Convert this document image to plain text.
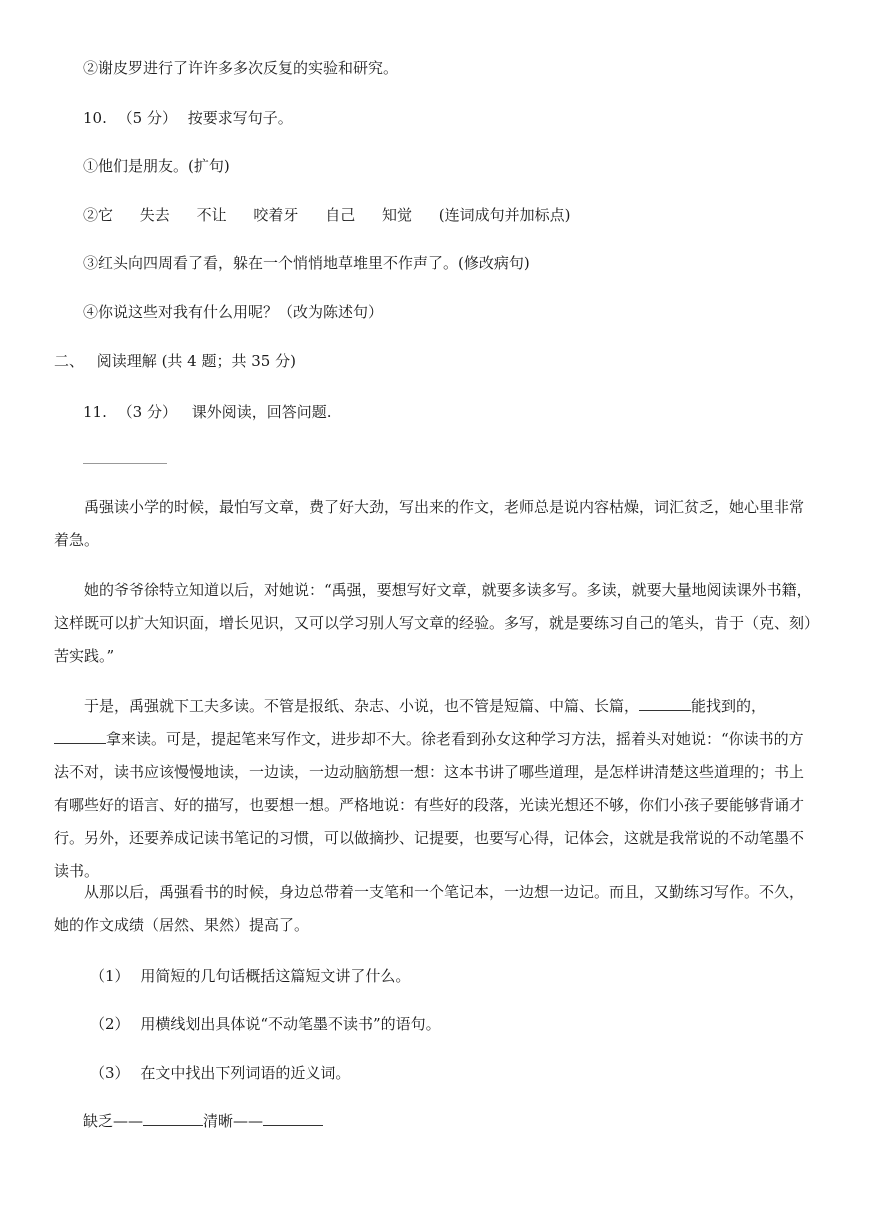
②谢皮罗进行了许许多多次反复的实验和研究。
10. （5 分） 按要求写句子。
①他们是朋友。(扩句)
②它 失去 不让 咬着牙 自己 知觉 (连词成句并加标点)
③红头向四周看了看，躲在一个悄悄地草堆里不作声了。(修改病句)
④你说这些对我有什么用呢？（改为陈述句）
二、 阅读理解 (共 4 题；共 35 分)
11. （3 分） 课外阅读，回答问题.
禹强读小学的时候，最怕写文章，费了好大劲，写出来的作文，老师总是说内容枯燥，词汇贫乏，她心里非常着急。
她的爷爷徐特立知道以后，对她说：“禹强，要想写好文章，就要多读多写。多读，就要大量地阅读课外书籍，这样既可以扩大知识面，增长见识，又可以学习别人写文章的经验。多写，就是要练习自己的笔头，肯于（克、刻）苦实践。”
于是，禹强就下工夫多读。不管是报纸、杂志、小说，也不管是短篇、中篇、长篇，	能找到的，拿来读。可是，提起笔来写作文，进步却不大。徐老看到孙女这种学习方法，摇着头对她说：“你读书的方法不对，读书应该慢慢地读，一边读，一边动脑筋想一想：这本书讲了哪些道理，是怎样讲清楚这些道理的；书上有哪些好的语言、好的描写，也要想一想。严格地说：有些好的段落，光读光想还不够，你们小孩子要能够背诵才行。另外，还要养成记读书笔记的习惯，可以做摘抄、记提要，也要写心得，记体会，这就是我常说的不动笔墨不读书。
从那以后，禹强看书的时候，身边总带着一支笔和一个笔记本，一边想一边记。而且，又勤练习写作。不久，她的作文成绩（居然、果然）提高了。
（1） 用简短的几句话概括这篇短文讲了什么。
（2） 用横线划出具体说“不动笔墨不读书”的语句。
（3） 在文中找出下列词语的近义词。
缺乏——	清晰——
